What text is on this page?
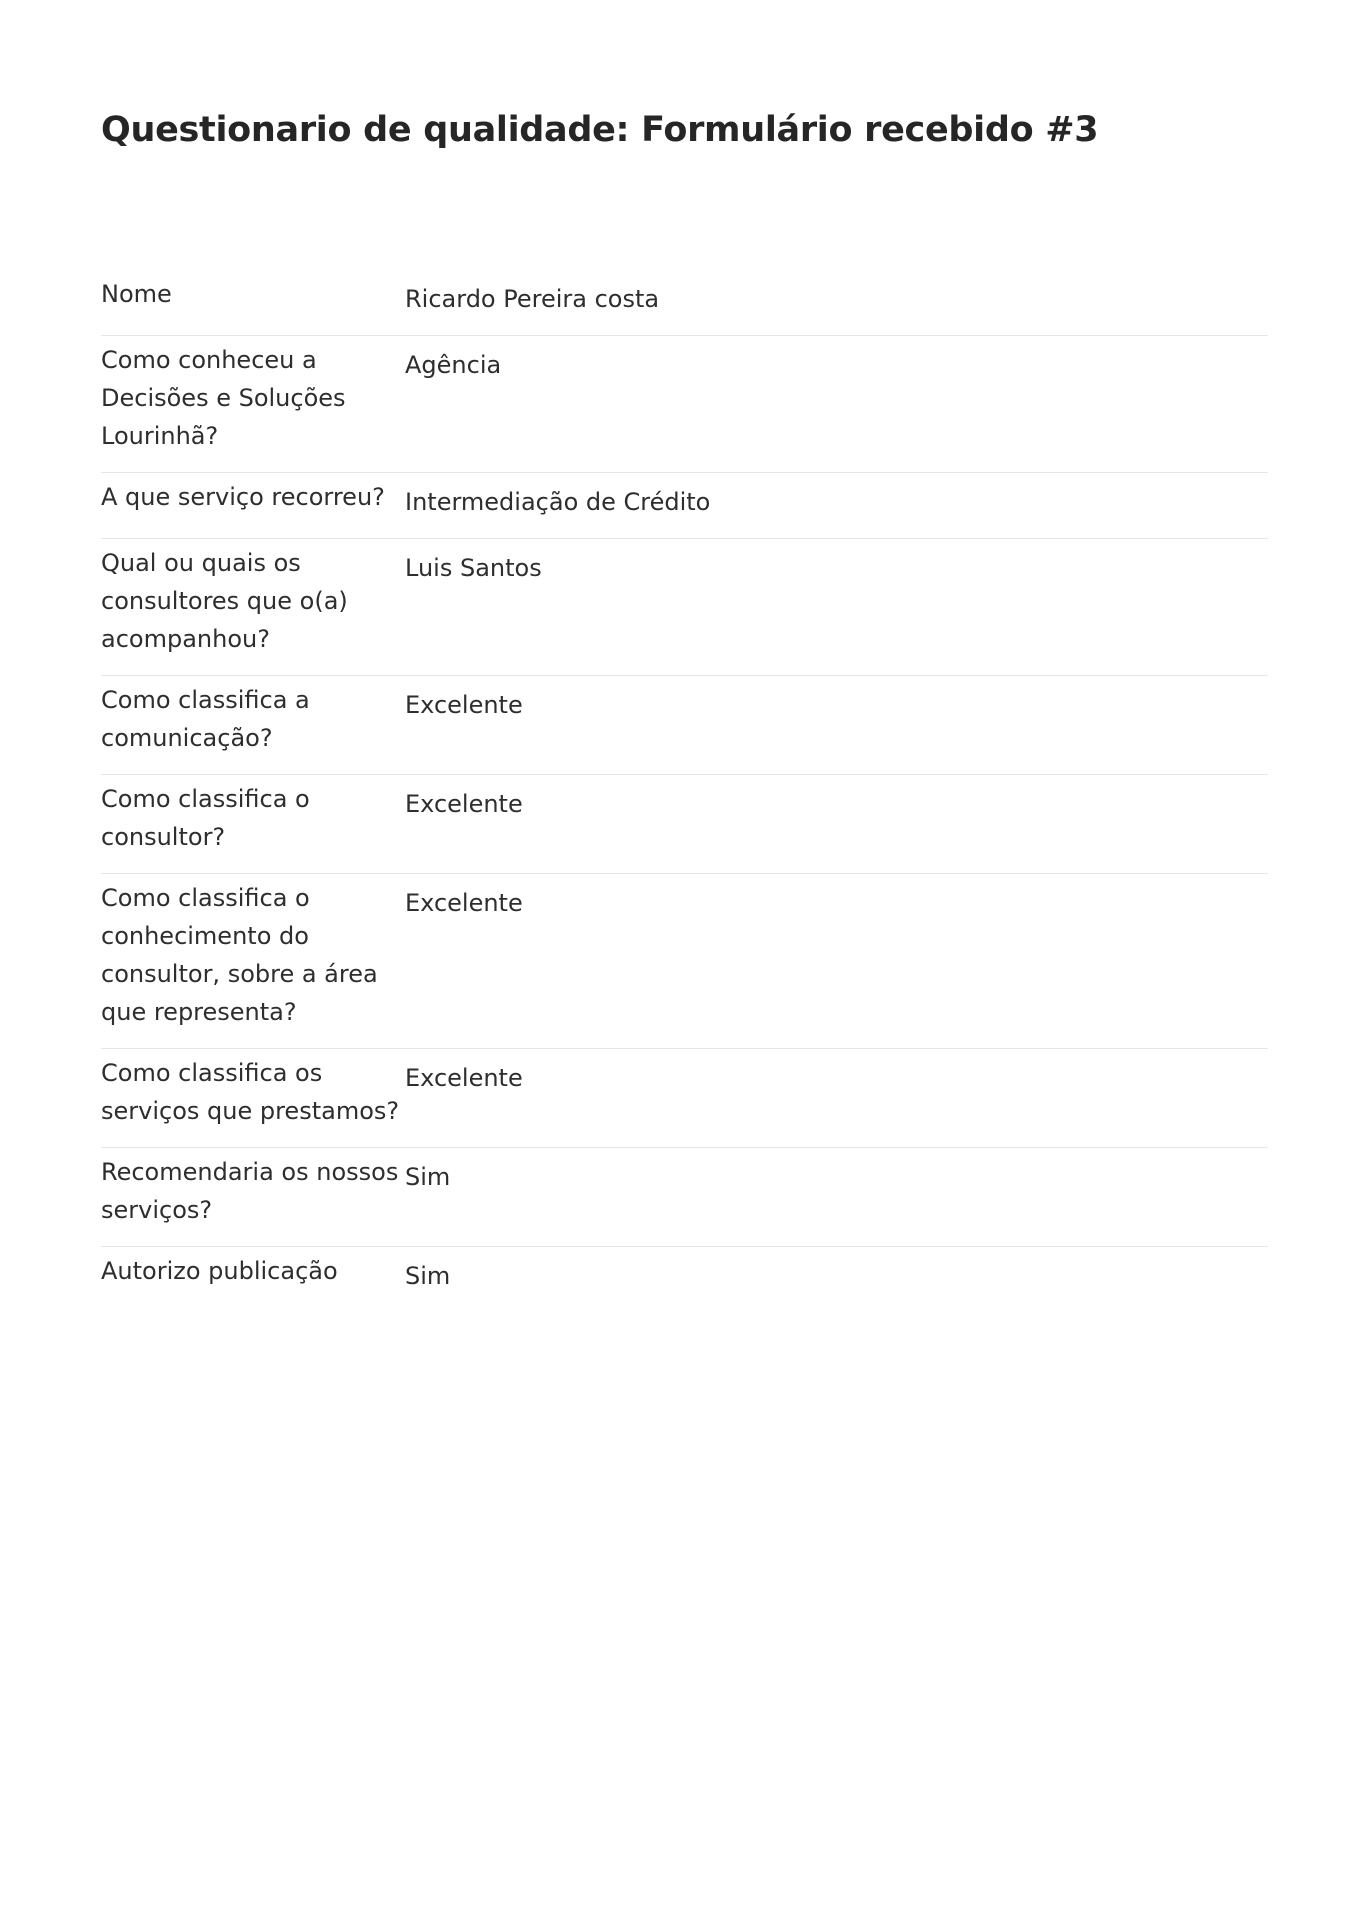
Questionario de qualidade: Formulário recebido #3
Nome	Ricardo Pereira costa
Como conheceu a Decisões e Soluções Lourinhã?
Agência
A que serviço recorreu? Intermediação de Crédito
Qual ou quais os consultores que o(a) acompanhou?
Luis Santos
Como classifica a comunicação?
Excelente
Como classifica o consultor?
Excelente
Como classifica o conhecimento do consultor, sobre a área que representa?
Excelente
Como classifica os serviços que prestamos?
Excelente
Recomendaria os nossos serviços?
Sim
Autorizo publicação	Sim
